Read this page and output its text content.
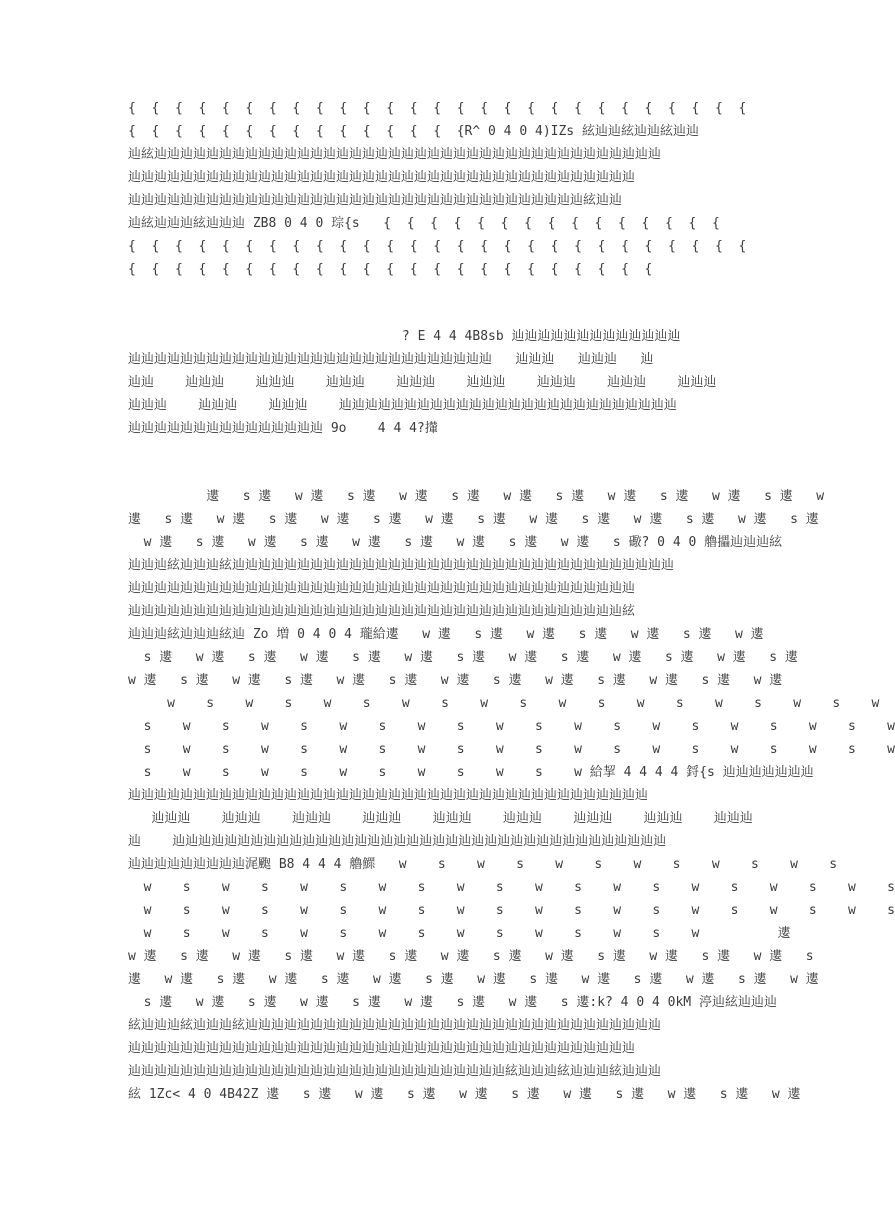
{  {  {  {  {  {  {  {  {  {  {  {  {  {  {  {  {  {  {  {  {  {  {  {  {  {  {
{  {  {  {  {  {  {  {  {  {  {  {  {  {  {R^ 0 4 0 4)IZs 絃辿辿絃辿辿絃辿辿
辿絃辿辿辿辿辿辿辿辿辿辿辿辿辿辿辿辿辿辿辿辿辿辿辿辿辿辿辿辿辿辿辿辿辿辿辿辿辿辿辿
辿辿辿辿辿辿辿辿辿辿辿辿辿辿辿辿辿辿辿辿辿辿辿辿辿辿辿辿辿辿辿辿辿辿辿辿辿辿辿
辿辿辿辿辿辿辿辿辿辿辿辿辿辿辿辿辿辿辿辿辿辿辿辿辿辿辿辿辿辿辿辿辿辿辿絃辿辿
辿絃辿辿辿絃辿辿辿 ZB8 0 4 0 琮{s   {  {  {  {  {  {  {  {  {  {  {  {  {  {  {
{  {  {  {  {  {  {  {  {  {  {  {  {  {  {  {  {  {  {  {  {  {  {  {  {  {  {
{  {  {  {  {  {  {  {  {  {  {  {  {  {  {  {  {  {  {  {  {  {  {
? E 4 4 4B8sb 辿辿辿辿辿辿辿辿辿辿辿辿辿
辿辿辿辿辿辿辿辿辿辿辿辿辿辿辿辿辿辿辿辿辿辿辿辿辿辿辿辿   辿辿辿   辿辿辿   辿
辿辿    辿辿辿    辿辿辿    辿辿辿    辿辿辿    辿辿辿    辿辿辿    辿辿辿    辿辿辿
辿辿辿    辿辿辿    辿辿辿    辿辿辿辿辿辿辿辿辿辿辿辿辿辿辿辿辿辿辿辿辿辿辿辿辿辿
辿辿辿辿辿辿辿辿辿辿辿辿辿辿辿 9o    4 4 4?攆
遱   s 遱   w 遱   s 遱   w 遱   s 遱   w 遱   s 遱   w 遱   s 遱   w 遱   s 遱   w
遱   s 遱   w 遱   s 遱   w 遱   s 遱   w 遱   s 遱   w 遱   s 遱   w 遱   s 遱   w 遱   s 遱
w 遱   s 遱   w 遱   s 遱   w 遱   s 遱   w 遱   s 遱   w 遱   s 礮? 0 4 0 艪攂辿辿辿絃
辿辿辿絃辿辿辿絃辿辿辿辿辿辿辿辿辿辿辿辿辿辿辿辿辿辿辿辿辿辿辿辿辿辿辿辿辿辿辿辿辿辿
辿辿辿辿辿辿辿辿辿辿辿辿辿辿辿辿辿辿辿辿辿辿辿辿辿辿辿辿辿辿辿辿辿辿辿辿辿辿辿
辿辿辿辿辿辿辿辿辿辿辿辿辿辿辿辿辿辿辿辿辿辿辿辿辿辿辿辿辿辿辿辿辿辿辿辿辿辿絃
辿辿辿絃辿辿辿絃辿 Zo 増 0 4 0 4 瓏給遱   w 遱   s 遱   w 遱   s 遱   w 遱   s 遱   w 遱
s 遱   w 遱   s 遱   w 遱   s 遱   w 遱   s 遱   w 遱   s 遱   w 遱   s 遱   w 遱   s 遱
w 遱   s 遱   w 遱   s 遱   w 遱   s 遱   w 遱   s 遱   w 遱   s 遱   w 遱   s 遱   w 遱
w    s    w    s    w    s    w    s    w    s    w    s    w    s    w    s    w    s    w
s    w    s    w    s    w    s    w    s    w    s    w    s    w    s    w    s    w    s    w
s    w    s    w    s    w    s    w    s    w    s    w    s    w    s    w    s    w    s    w
s    w    s    w    s    w    s    w    s    w    s    w 給挈 4 4 4 4 鋝{s 辿辿辿辿辿辿辿
辿辿辿辿辿辿辿辿辿辿辿辿辿辿辿辿辿辿辿辿辿辿辿辿辿辿辿辿辿辿辿辿辿辿辿辿辿辿辿辿
辿辿辿    辿辿辿    辿辿辿    辿辿辿    辿辿辿    辿辿辿    辿辿辿    辿辿辿    辿辿辿
辿    辿辿辿辿辿辿辿辿辿辿辿辿辿辿辿辿辿辿辿辿辿辿辿辿辿辿辿辿辿辿辿辿辿辿辿辿辿辿
辿辿辿辿辿辿辿辿辿浘颮 B8 4 4 4 艪鰥   w    s    w    s    w    s    w    s    w    s    w    s
w    s    w    s    w    s    w    s    w    s    w    s    w    s    w    s    w    s    w    s
w    s    w    s    w    s    w    s    w    s    w    s    w    s    w    s    w    s    w    s
w    s    w    s    w    s    w    s    w    s    w    s    w    s    w          遱
w 遱   s 遱   w 遱   s 遱   w 遱   s 遱   w 遱   s 遱   w 遱   s 遱   w 遱   s 遱   w 遱   s
遱   w 遱   s 遱   w 遱   s 遱   w 遱   s 遱   w 遱   s 遱   w 遱   s 遱   w 遱   s 遱   w 遱
s 遱   w 遱   s 遱   w 遱   s 遱   w 遱   s 遱   w 遱   s 遱:k? 4 0 4 0kM 渟辿絃辿辿辿
絃辿辿辿絃辿辿辿絃辿辿辿辿辿辿辿辿辿辿辿辿辿辿辿辿辿辿辿辿辿辿辿辿辿辿辿辿辿辿辿辿
辿辿辿辿辿辿辿辿辿辿辿辿辿辿辿辿辿辿辿辿辿辿辿辿辿辿辿辿辿辿辿辿辿辿辿辿辿辿辿
辿辿辿辿辿辿辿辿辿辿辿辿辿辿辿辿辿辿辿辿辿辿辿辿辿辿辿辿辿絃辿辿辿絃辿辿辿絃辿辿辿
絃 1Zc< 4 0 4B42Z 遱   s 遱   w 遱   s 遱   w 遱   s 遱   w 遱   s 遱   w 遱   s 遱   w 遱
